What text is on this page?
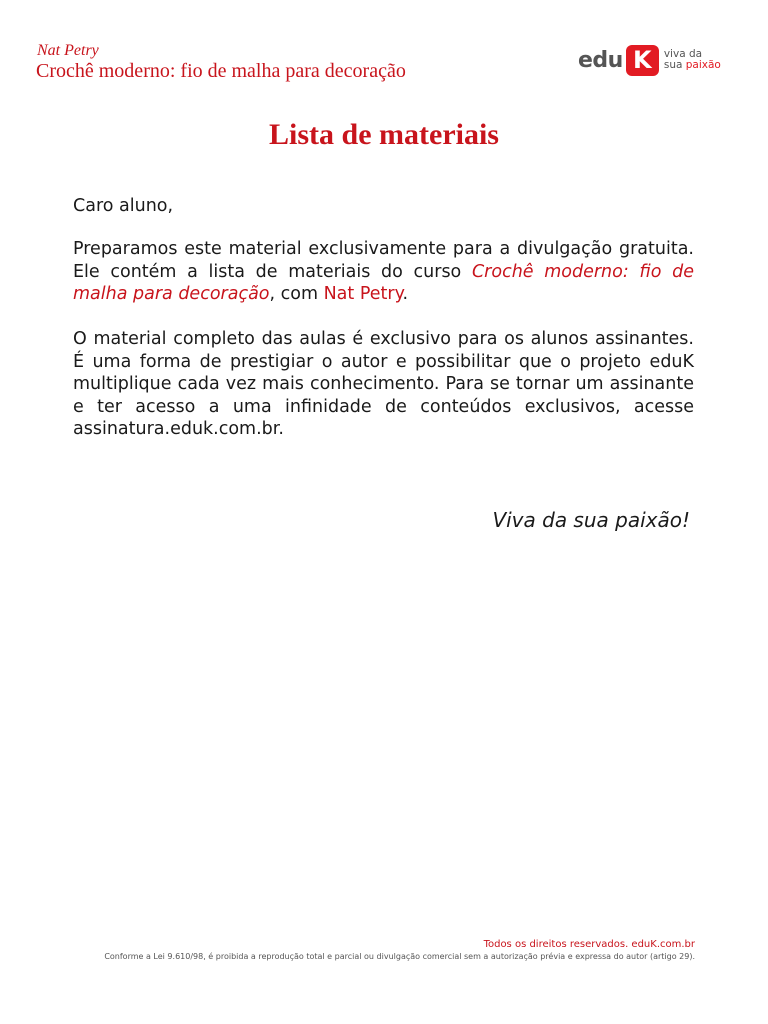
Nat Petry
Crochê moderno: fio de malha para decoração	edu K	viva da
sua paixão
Lista de materiais
Caro aluno,
Preparamos este material exclusivamente para a divulgação gratuita. Ele contém a lista de materiais do curso Crochê moderno: fio de malha para decoração, com Nat Petry.
O material completo das aulas é exclusivo para os alunos assinantes. É uma forma de prestigiar o autor e possibilitar que o projeto eduK multiplique cada vez mais conhecimento. Para se tornar um assinante e ter acesso a uma infinidade de conteúdos exclusivos, acesse assinatura.eduk.com.br.
Viva da sua paixão!
Todos os direitos reservados. eduK.com.br
Conforme a Lei 9.610/98, é proibida a reprodução total e parcial ou divulgação comercial sem a autorização prévia e expressa do autor (artigo 29).
